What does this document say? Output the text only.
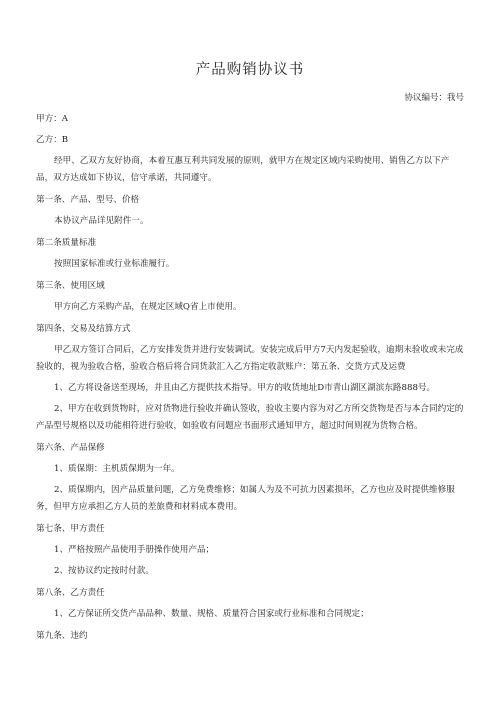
产品购销协议书
协议编号：我号
甲方：A
乙方：B
经甲、乙双方友好协商，本着互惠互利共同发展的原则，就甲方在规定区域内采购使用、销售乙方以下产品，双方达成如下协议，信守承诺，共同遵守。
第一条、产品、型号、价格
本协议产品详见附件一。
第二条质量标准
按照国家标准或行业标准履行。
第三条、使用区域
甲方向乙方采购产品，在规定区域Q省上市使用。
第四条、交易及结算方式
甲乙双方签订合同后，乙方安排发货并进行安装调试。安装完成后甲方7天内发起验收，逾期未验收或未完成验收的，视为验收合格，验收合格后将合同货款汇入乙方指定收款账户：第五条、交货方式及运费
1、乙方将设备送至现场，并且由乙方提供技术指导。甲方的收货地址D市青山湖区湖滨东路888号。
2、甲方在收到货物时，应对货物进行验收并确认签收，验收主要内容为对乙方所交货物是否与本合同约定的产品型号规格以及功能相符进行验收，如验收有问题应书面形式通知甲方，超过时间则视为货物合格。
第六条、产品保修
1、质保期：主机质保期为一年。
2、质保期内，因产品质量问题，乙方免费维修；如属人为及不可抗力因素损坏，乙方也应及时提供维修服务，但甲方应承担乙方人员的差旅费和材料成本费用。
第七条、甲方责任
1、严格按照产品使用手册操作使用产品；
2、按协议约定按时付款。
第八条、乙方责任
1、乙方保证所交货产品品种、数量、规格、质量符合国家或行业标准和合同规定；
第九条、违约
